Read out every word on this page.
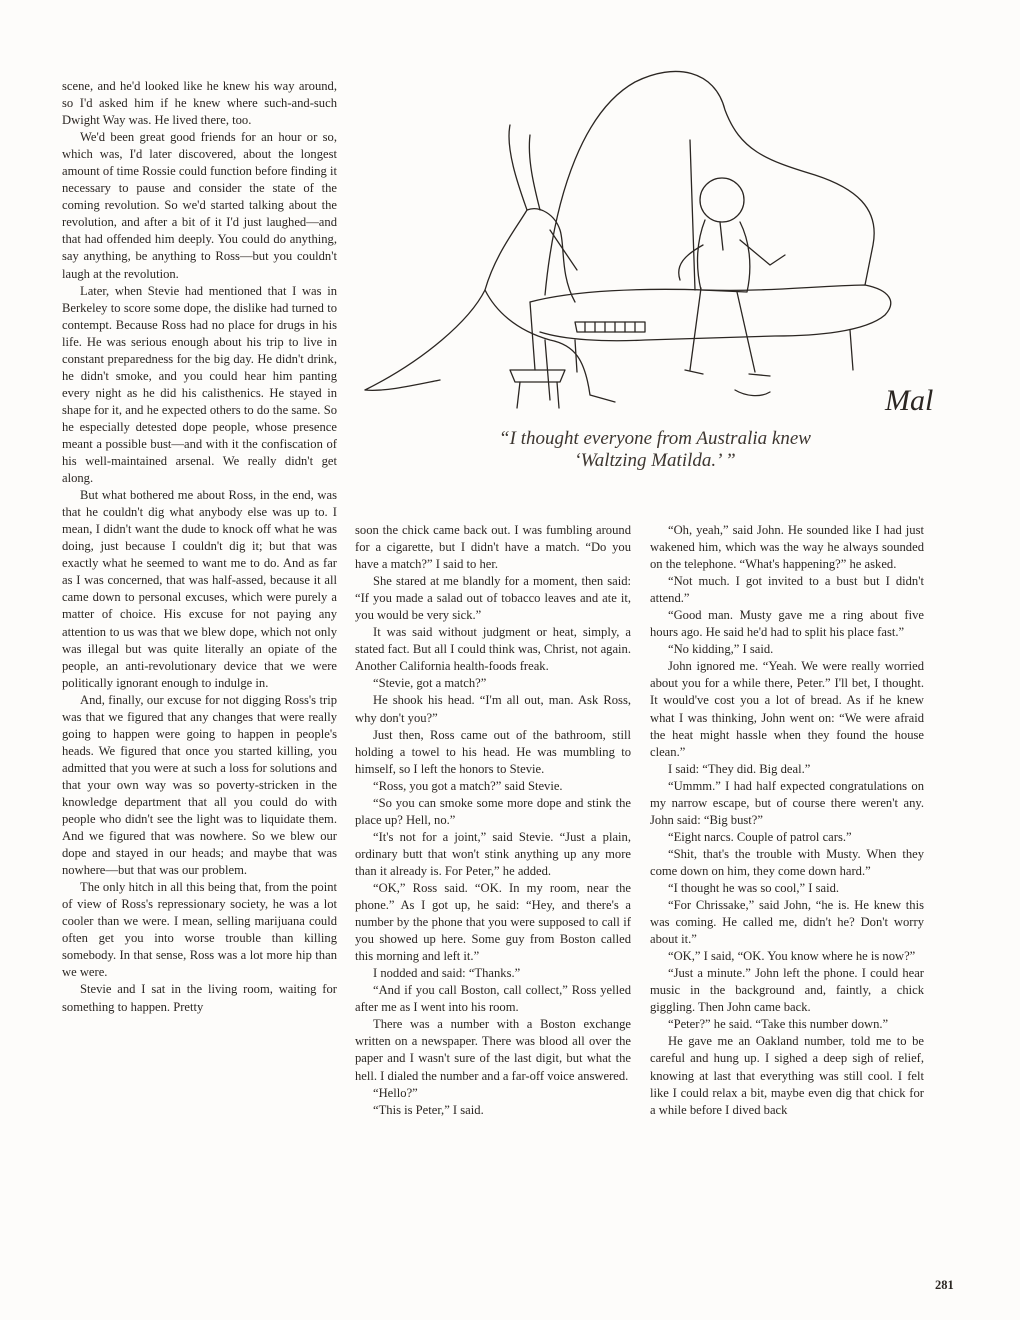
scene, and he'd looked like he knew his way around, so I'd asked him if he knew where such-and-such Dwight Way was. He lived there, too.

We'd been great good friends for an hour or so, which was, I'd later discovered, about the longest amount of time Rossie could function before finding it necessary to pause and consider the state of the coming revolution. So we'd started talking about the revolution, and after a bit of it I'd just laughed—and that had offended him deeply. You could do anything, say anything, be anything to Ross—but you couldn't laugh at the revolution.

Later, when Stevie had mentioned that I was in Berkeley to score some dope, the dislike had turned to contempt. Because Ross had no place for drugs in his life. He was serious enough about his trip to live in constant preparedness for the big day. He didn't drink, he didn't smoke, and you could hear him panting every night as he did his calisthenics. He stayed in shape for it, and he expected others to do the same. So he especially detested dope people, whose presence meant a possible bust—and with it the confiscation of his well-maintained arsenal. We really didn't get along.

But what bothered me about Ross, in the end, was that he couldn't dig what anybody else was up to. I mean, I didn't want the dude to knock off what he was doing, just because I couldn't dig it; but that was exactly what he seemed to want me to do. And as far as I was concerned, that was half-assed, because it all came down to personal excuses, which were purely a matter of choice. His excuse for not paying any attention to us was that we blew dope, which not only was illegal but was quite literally an opiate of the people, an anti-revolutionary device that we were politically ignorant enough to indulge in.

And, finally, our excuse for not digging Ross's trip was that we figured that any changes that were really going to happen were going to happen in people's heads. We figured that once you started killing, you admitted that you were at such a loss for solutions and that your own way was so poverty-stricken in the knowledge department that all you could do with people who didn't see the light was to liquidate them. And we figured that was nowhere. So we blew our dope and stayed in our heads; and maybe that was nowhere—but that was our problem.

The only hitch in all this being that, from the point of view of Ross's repressionary society, he was a lot cooler than we were. I mean, selling marijuana could often get you into worse trouble than killing somebody. In that sense, Ross was a lot more hip than we were.

Stevie and I sat in the living room, waiting for something to happen. Pretty

Mal
“I thought everyone from Australia knew
‘Waltzing Matilda.’ ”

soon the chick came back out. I was fumbling around for a cigarette, but I didn't have a match. “Do you have a match?” I said to her.

She stared at me blandly for a moment, then said: “If you made a salad out of tobacco leaves and ate it, you would be very sick.”

It was said without judgment or heat, simply, a stated fact. But all I could think was, Christ, not again. Another California health-foods freak.

“Stevie, got a match?”

He shook his head. “I'm all out, man. Ask Ross, why don't you?”

Just then, Ross came out of the bathroom, still holding a towel to his head. He was mumbling to himself, so I left the honors to Stevie.

“Ross, you got a match?” said Stevie.

“So you can smoke some more dope and stink the place up? Hell, no.”

“It's not for a joint,” said Stevie. “Just a plain, ordinary butt that won't stink anything up any more than it already is. For Peter,” he added.

“OK,” Ross said. “OK. In my room, near the phone.” As I got up, he said: “Hey, and there's a number by the phone that you were supposed to call if you showed up here. Some guy from Boston called this morning and left it.”

I nodded and said: “Thanks.”

“And if you call Boston, call collect,” Ross yelled after me as I went into his room.

There was a number with a Boston exchange written on a newspaper. There was blood all over the paper and I wasn't sure of the last digit, but what the hell. I dialed the number and a far-off voice answered.

“Hello?”

“This is Peter,” I said.

“Oh, yeah,” said John. He sounded like I had just wakened him, which was the way he always sounded on the telephone. “What's happening?” he asked.

“Not much. I got invited to a bust but I didn't attend.”

“Good man. Musty gave me a ring about five hours ago. He said he'd had to split his place fast.”

“No kidding,” I said.

John ignored me. “Yeah. We were really worried about you for a while there, Peter.” I'll bet, I thought. It would've cost you a lot of bread. As if he knew what I was thinking, John went on: “We were afraid the heat might hassle when they found the house clean.”

I said: “They did. Big deal.”

“Ummm.” I had half expected congratulations on my narrow escape, but of course there weren't any. John said: “Big bust?”

“Eight narcs. Couple of patrol cars.”

“Shit, that's the trouble with Musty. When they come down on him, they come down hard.”

“I thought he was so cool,” I said.

“For Chrissake,” said John, “he is. He knew this was coming. He called me, didn't he? Don't worry about it.”

“OK,” I said, “OK. You know where he is now?”

“Just a minute.” John left the phone. I could hear music in the background and, faintly, a chick giggling. Then John came back.

“Peter?” he said. “Take this number down.”

He gave me an Oakland number, told me to be careful and hung up. I sighed a deep sigh of relief, knowing at last that everything was still cool. I felt like I could relax a bit, maybe even dig that chick for a while before I dived back

281
